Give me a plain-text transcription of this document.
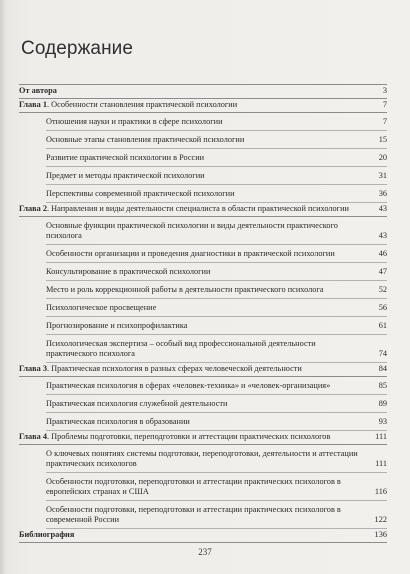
Содержание
От автора	3
Глава 1. Особенности становления практической психологии	7
Отношения науки и практики в сфере психологии	7
Основные этапы становления практической психологии	15
Развитие практической психологии в России	20
Предмет и методы практической психологии	31
Перспективы современной практической психологии	36
Глава 2. Направления и виды деятельности специалиста в области практической психологии	43
Основные функции практической психологии и виды деятельности практического психолога	43
Особенности организации и проведения диагностики в практической психологии	46
Консультирование в практической психологии	47
Место и роль коррекционной работы в деятельности практического психолога	52
Психологическое просвещение	56
Прогнозирование и психопрофилактика	61
Психологическая экспертиза – особый вид профессиональной деятельности практического психолога	74
Глава 3. Практическая психология в разных сферах человеческой деятельности	84
Практическая психология в сферах «человек-техника» и «человек-организация»	85
Практическая психология служебной деятельности	89
Практическая психология в образовании	93
Глава 4. Проблемы подготовки, переподготовки и аттестации практических психологов	111
О ключевых понятиях системы подготовки, переподготовки, деятельности и аттестации практических психологов	111
Особенности подготовки, переподготовки и аттестации практических психологов в европейских странах и США	116
Особенности подготовки, переподготовки и аттестации практических психологов в современной России	122
Библиография	136
237
